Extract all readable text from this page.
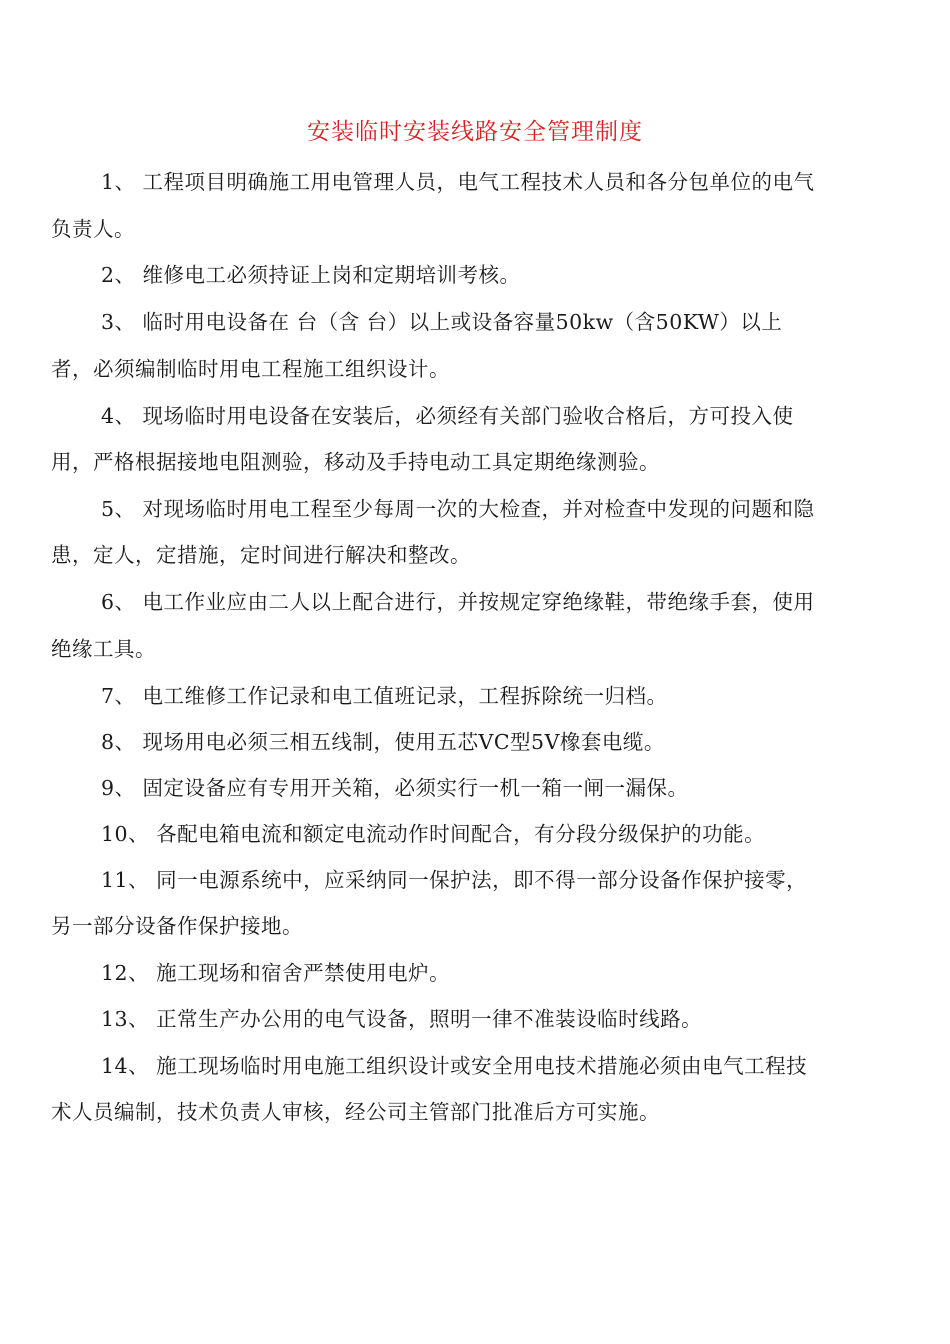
安装临时安装线路安全管理制度
1、 工程项目明确施工用电管理人员，电气工程技术人员和各分包单位的电气
负责人。
2、 维修电工必须持证上岗和定期培训考核。
3、 临时用电设备在 台（含 台）以上或设备容量50kw（含50KW）以上
者，必须编制临时用电工程施工组织设计。
4、 现场临时用电设备在安装后，必须经有关部门验收合格后，方可投入使
用，严格根据接地电阻测验，移动及手持电动工具定期绝缘测验。
5、 对现场临时用电工程至少每周一次的大检查，并对检查中发现的问题和隐
患，定人，定措施，定时间进行解决和整改。
6、 电工作业应由二人以上配合进行，并按规定穿绝缘鞋，带绝缘手套，使用
绝缘工具。
7、 电工维修工作记录和电工值班记录，工程拆除统一归档。
8、 现场用电必须三相五线制，使用五芯VC型5V橡套电缆。
9、 固定设备应有专用开关箱，必须实行一机一箱一闸一漏保。
10、 各配电箱电流和额定电流动作时间配合，有分段分级保护的功能。
11、 同一电源系统中，应采纳同一保护法，即不得一部分设备作保护接零，
另一部分设备作保护接地。
12、 施工现场和宿舍严禁使用电炉。
13、 正常生产办公用的电气设备，照明一律不准装设临时线路。
14、 施工现场临时用电施工组织设计或安全用电技术措施必须由电气工程技
术人员编制，技术负责人审核，经公司主管部门批准后方可实施。
